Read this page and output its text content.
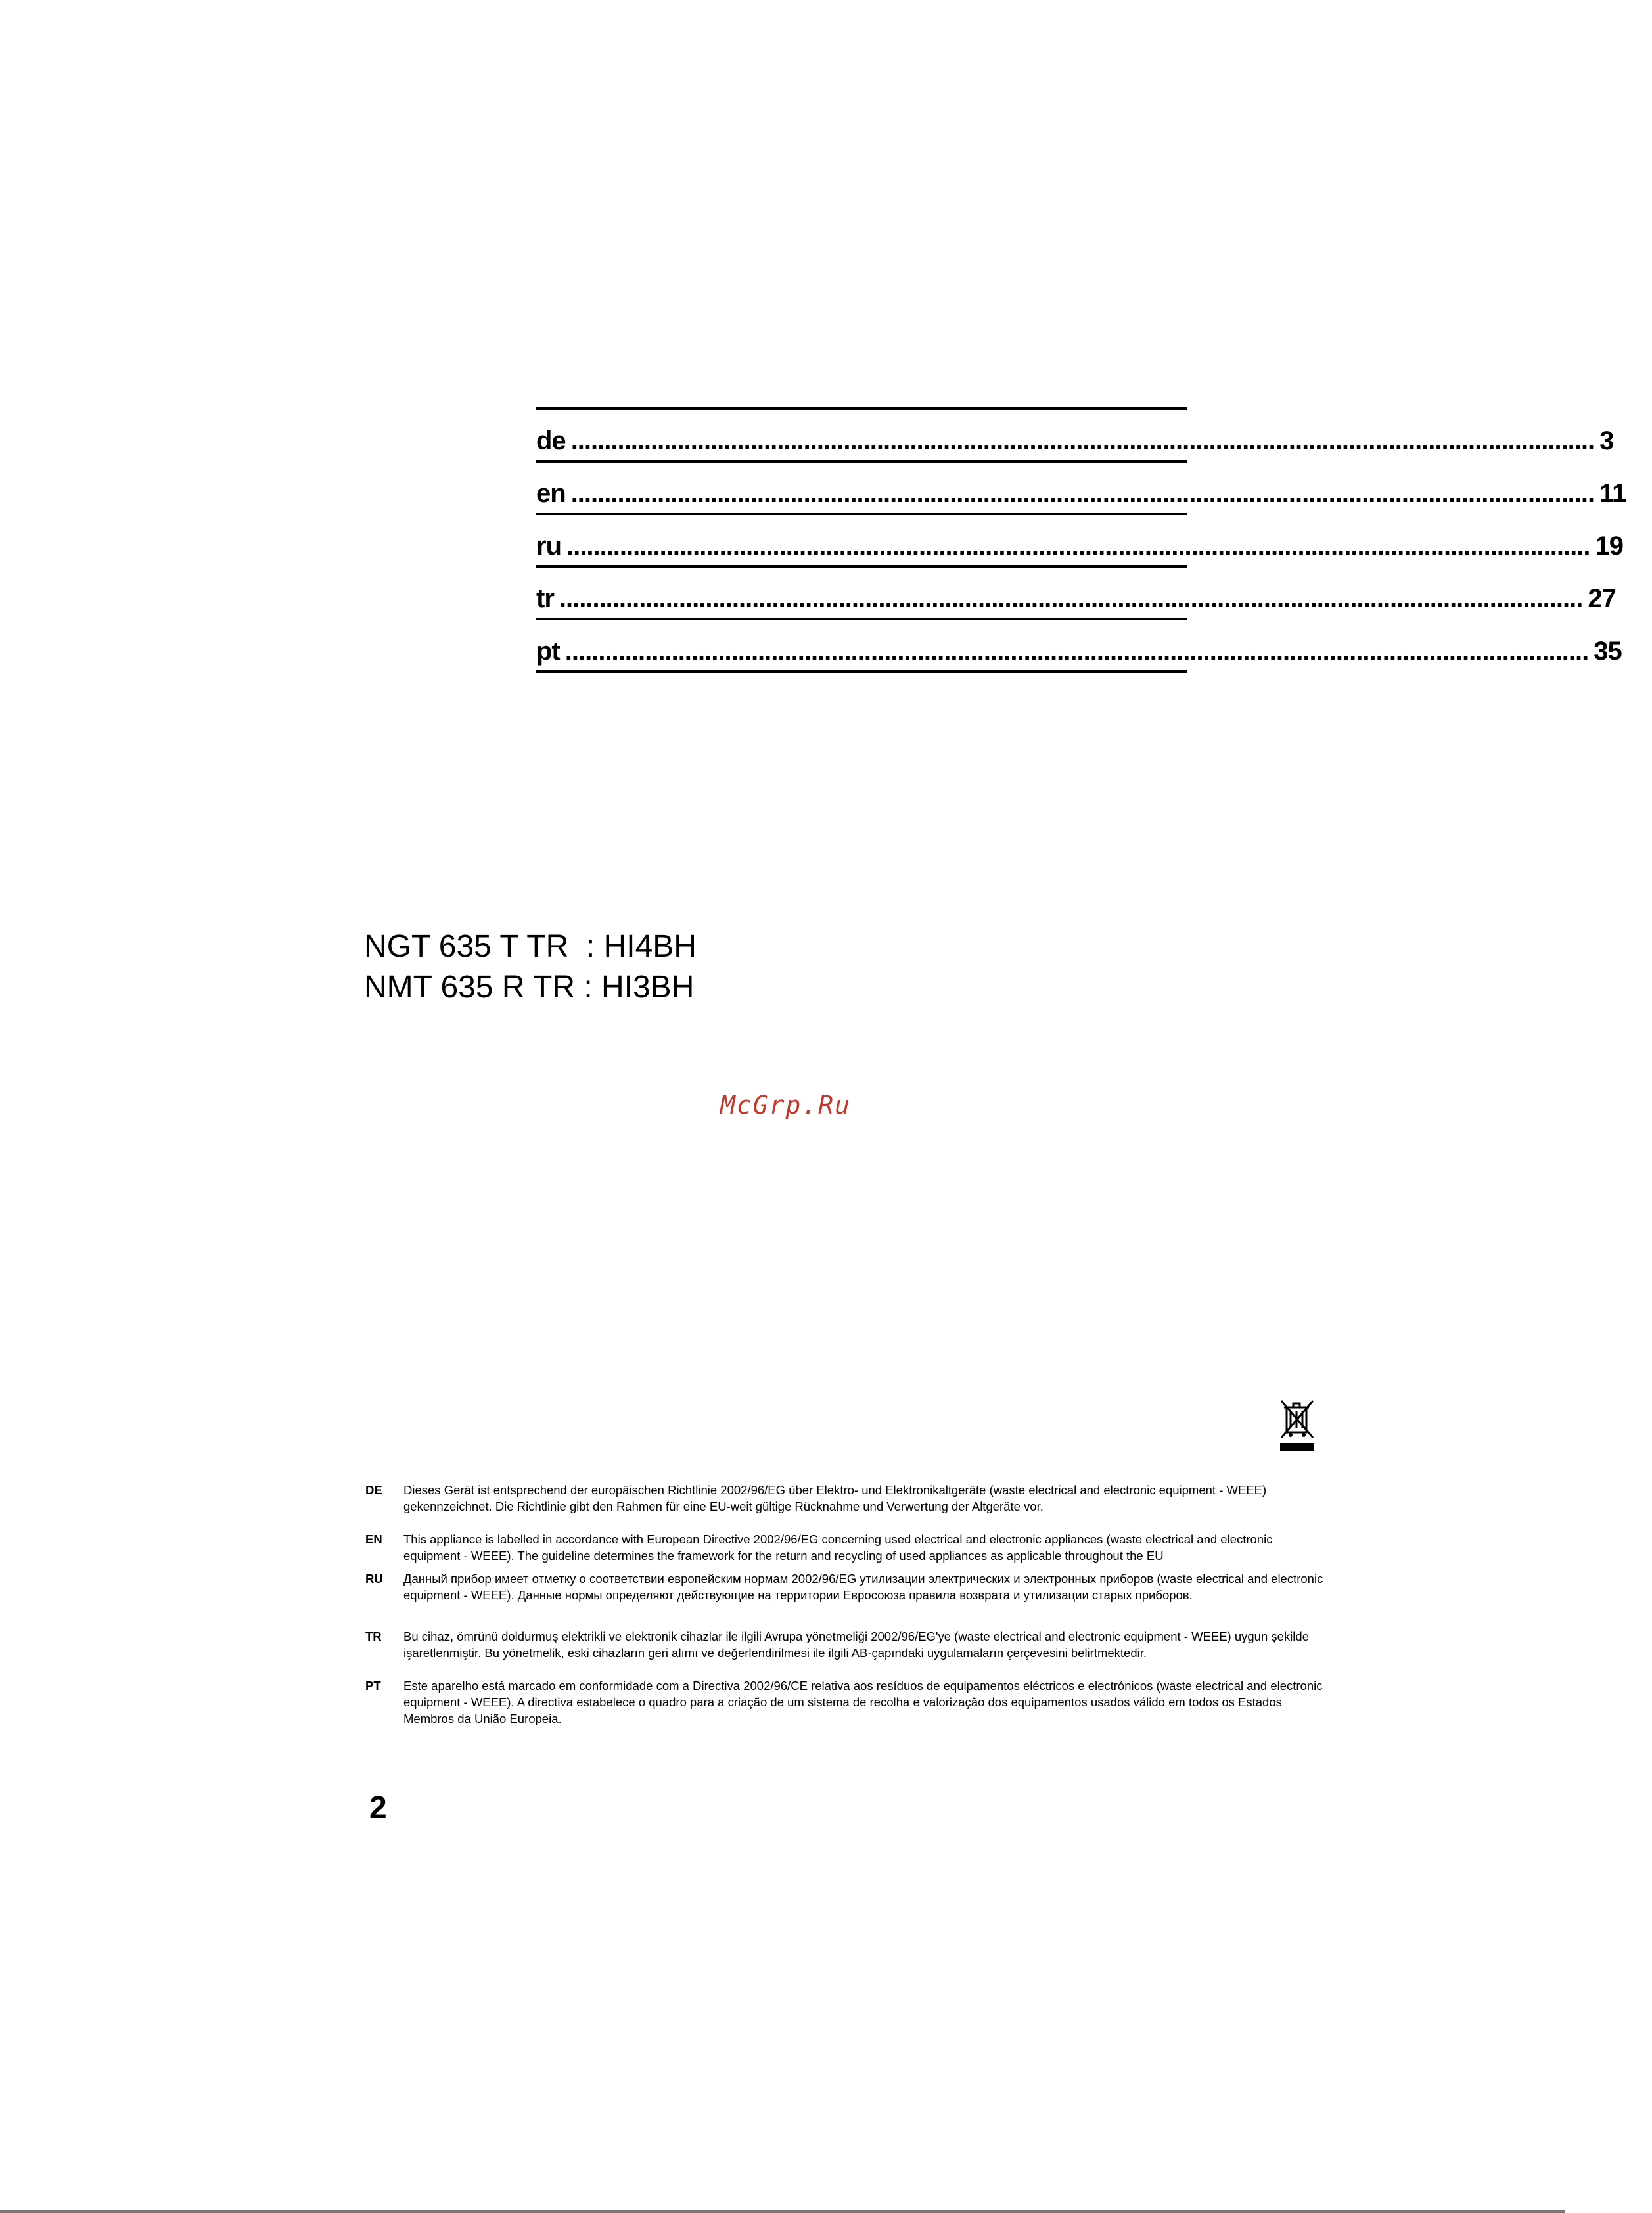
de .......................................................................................................................................................... 3
en .......................................................................................................................................................... 11
ru .......................................................................................................................................................... 19
tr .......................................................................................................................................................... 27
pt .......................................................................................................................................................... 35
NGT 635 T TR  : HI4BH
NMT 635 R TR : HI3BH
McGrp.Ru
DE Dieses Gerät ist entsprechend der europäischen Richtlinie 2002/96/EG über Elektro- und Elektronikaltgeräte (waste electrical and electronic equipment - WEEE) gekennzeichnet. Die Richtlinie gibt den Rahmen für eine EU-weit gültige Rücknahme und Verwertung der Altgeräte vor.
EN This appliance is labelled in accordance with European Directive 2002/96/EG concerning used electrical and electronic appliances (waste electrical and electronic equipment - WEEE). The guideline determines the framework for the return and recycling of used appliances as applicable throughout the EU
RU Данный прибор имеет отметку о соответствии европейским нормам 2002/96/EG утилизации электрических и электронных приборов (waste electrical and electronic equipment - WEEE). Данные нормы определяют действующие на территории Евросоюза правила возврата и утилизации старых приборов.
TR Bu cihaz, ömrünü doldurmuş elektrikli ve elektronik cihazlar ile ilgili Avrupa yönetmeliği 2002/96/EG'ye (waste electrical and electronic equipment - WEEE) uygun şekilde işaretlenmiştir. Bu yönetmelik, eski cihazların geri alımı ve değerlendirilmesi ile ilgili AB-çapındaki uygulamaların çerçevesini belirtmektedir.
PT Este aparelho está marcado em conformidade com a Directiva 2002/96/CE relativa aos resíduos de equipamentos eléctricos e electrónicos (waste electrical and electronic equipment - WEEE). A directiva estabelece o quadro para a criação de um sistema de recolha e valorização dos equipamentos usados válido em todos os Estados Membros da União Europeia.
2
